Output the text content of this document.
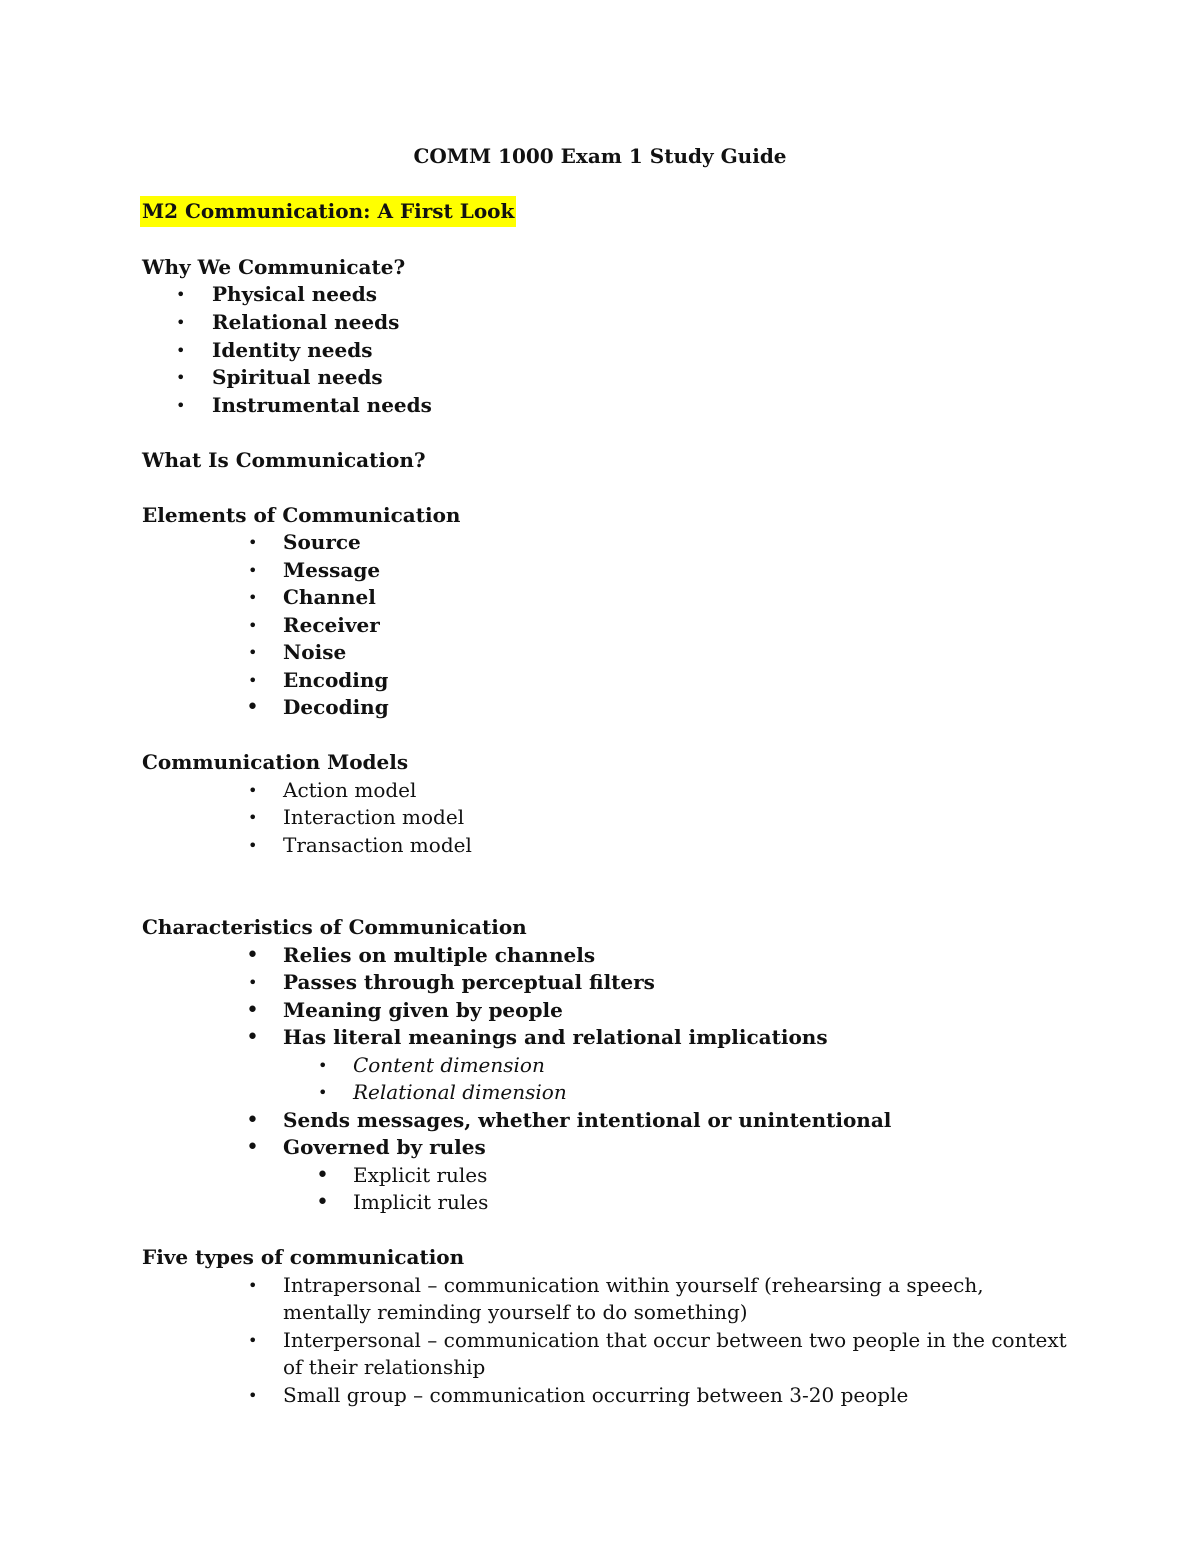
COMM 1000 Exam 1 Study Guide
M2 Communication: A First Look
Why We Communicate?
• Physical needs
• Relational needs
• Identity needs
• Spiritual needs
• Instrumental needs
What Is Communication?
Elements of Communication
• Source
• Message
• Channel
• Receiver
• Noise
• Encoding
• Decoding
Communication Models
• Action model
• Interaction model
• Transaction model
Characteristics of Communication
• Relies on multiple channels
• Passes through perceptual filters
• Meaning given by people
• Has literal meanings and relational implications
• Content dimension
• Relational dimension
• Sends messages, whether intentional or unintentional
• Governed by rules
• Explicit rules
• Implicit rules
Five types of communication
• Intrapersonal – communication within yourself (rehearsing a speech,
mentally reminding yourself to do something)
• Interpersonal – communication that occur between two people in the context
of their relationship
• Small group – communication occurring between 3-20 people
